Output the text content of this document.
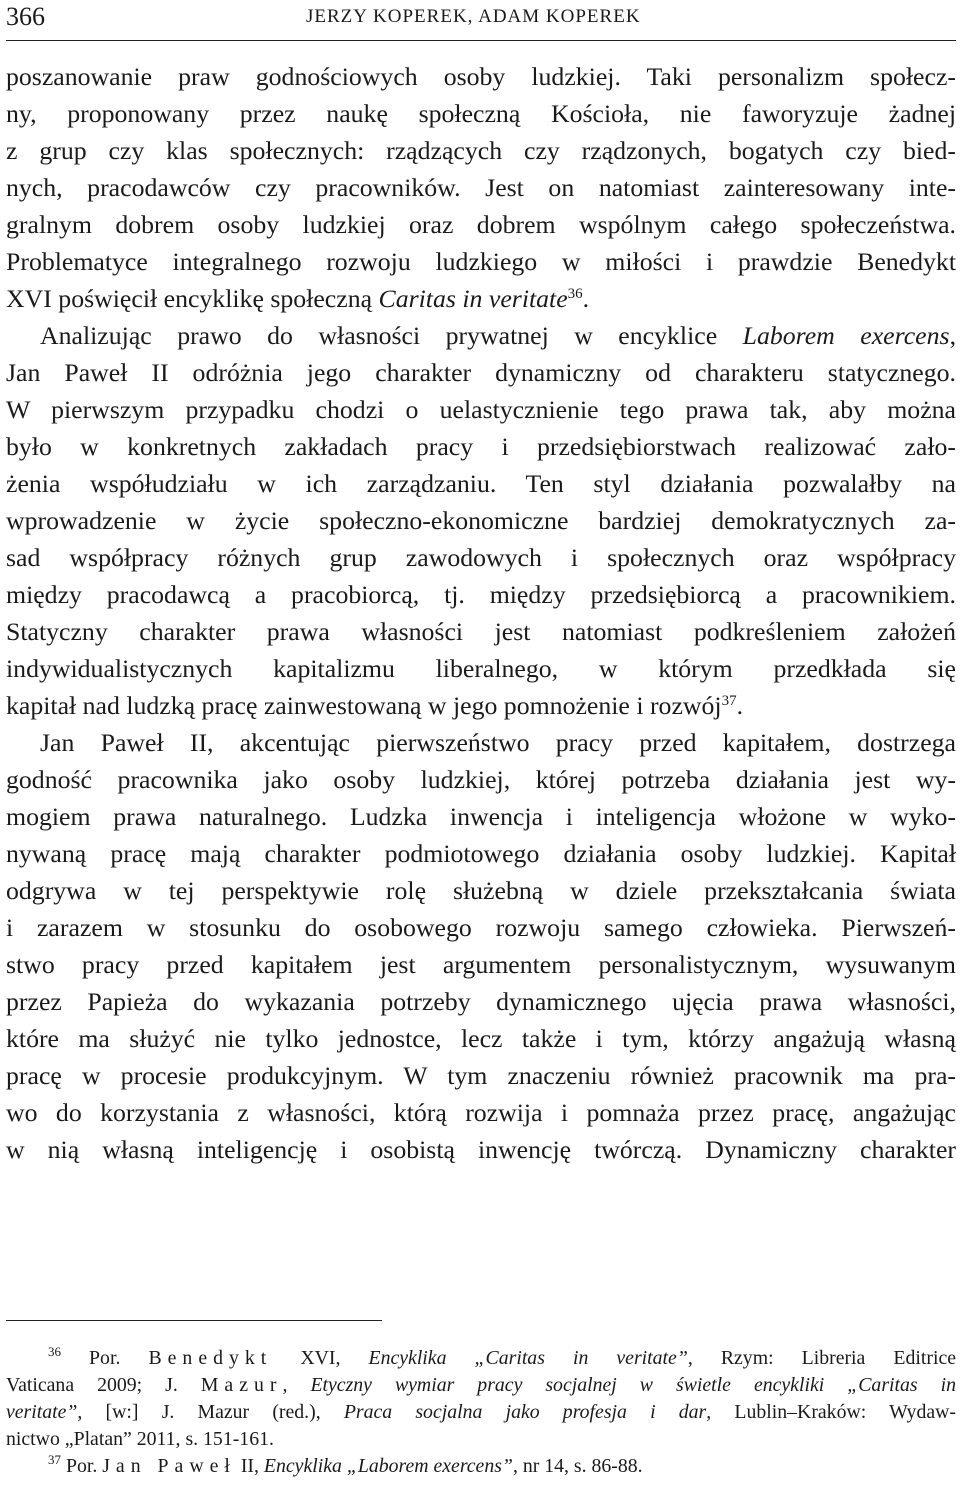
366	JERZY KOPEREK, ADAM KOPEREK
poszanowanie praw godnościowych osoby ludzkiej. Taki personalizm społecz-
ny, proponowany przez naukę społeczną Kościoła, nie faworyzuje żadnej
z grup czy klas społecznych: rządzących czy rządzonych, bogatych czy bied-
nych, pracodawców czy pracowników. Jest on natomiast zainteresowany inte-
gralnym dobrem osoby ludzkiej oraz dobrem wspólnym całego społeczeństwa.
Problematyce integralnego rozwoju ludzkiego w miłości i prawdzie Benedykt
XVI poświęcił encyklikę społeczną Caritas in veritate$^{36}$.
Analizując prawo do własności prywatnej w encyklice Laborem exercens,
Jan Paweł II odróżnia jego charakter dynamiczny od charakteru statycznego.
W pierwszym przypadku chodzi o uelastycznienie tego prawa tak, aby można
było w konkretnych zakładach pracy i przedsiębiorstwach realizować zało-
żenia współudziału w ich zarządzaniu. Ten styl działania pozwalałby na
wprowadzenie w życie społeczno-ekonomiczne bardziej demokratycznych za-
sad współpracy różnych grup zawodowych i społecznych oraz współpracy
między pracodawcą a pracobiorcą, tj. między przedsiębiorcą a pracownikiem.
Statyczny charakter prawa własności jest natomiast podkreśleniem założeń
indywidualistycznych kapitalizmu liberalnego, w którym przedkłada się
kapitał nad ludzką pracę zainwestowaną w jego pomnożenie i rozwój$^{37}$.
Jan Paweł II, akcentując pierwszeństwo pracy przed kapitałem, dostrzega
godność pracownika jako osoby ludzkiej, której potrzeba działania jest wy-
mogiem prawa naturalnego. Ludzka inwencja i inteligencja włożone w wyko-
nywaną pracę mają charakter podmiotowego działania osoby ludzkiej. Kapitał
odgrywa w tej perspektywie rolę służebną w dziele przekształcania świata
i zarazem w stosunku do osobowego rozwoju samego człowieka. Pierwszeń-
stwo pracy przed kapitałem jest argumentem personalistycznym, wysuwanym
przez Papieża do wykazania potrzeby dynamicznego ujęcia prawa własności,
które ma służyć nie tylko jednostce, lecz także i tym, którzy angażują własną
pracę w procesie produkcyjnym. W tym znaczeniu również pracownik ma pra-
wo do korzystania z własności, którą rozwija i pomnaża przez pracę, angażując
w nią własną inteligencję i osobistą inwencję twórczą. Dynamiczny charakter
$^{36}$ Por. Benedykt XVI, Encyklika „Caritas in veritate”, Rzym: Libreria Editrice
Vaticana 2009; J. Mazur, Etyczny wymiar pracy socjalnej w świetle encykliki „Caritas in
veritate”, [w:] J. Mazur (red.), Praca socjalna jako profesja i dar, Lublin–Kraków: Wydaw-
nictwo „Platan” 2011, s. 151-161.
$^{37}$ Por. Jan Paweł II, Encyklika „Laborem exercens”, nr 14, s. 86-88.
